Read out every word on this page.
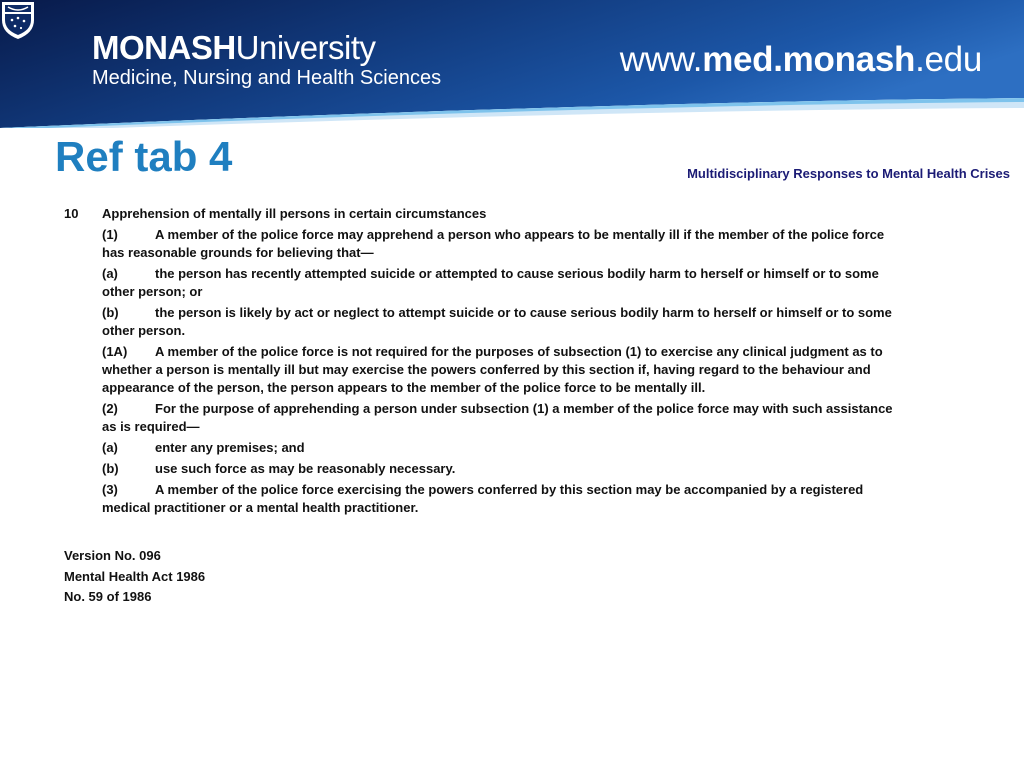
MONASHUniversity
Medicine, Nursing and Health Sciences	www.med.monash.edu
Ref tab 4	Multidisciplinary Responses to Mental Health Crises
10 Apprehension of mentally ill persons in certain circumstances
(1)	A member of the police force may apprehend a person who appears to be mentally ill if the member of the police force has reasonable grounds for believing that—
(a)	the person has recently attempted suicide or attempted to cause serious bodily harm to herself or himself or to some other person; or
(b)	the person is likely by act or neglect to attempt suicide or to cause serious bodily harm to herself or himself or to some other person.
(1A) A member of the police force is not required for the purposes of subsection (1) to exercise any clinical judgment as to whether a person is mentally ill but may exercise the powers conferred by this section if, having regard to the behaviour and appearance of the person, the person appears to the member of the police force to be mentally ill.
(2)	For the purpose of apprehending a person under subsection (1) a member of the police force may with such assistance as is required—
(a)	enter any premises; and
(b)	use such force as may be reasonably necessary.
(3)	A member of the police force exercising the powers conferred by this section may be accompanied by a registered medical practitioner or a mental health practitioner.
Version No. 096
Mental Health Act 1986
No. 59 of 1986
